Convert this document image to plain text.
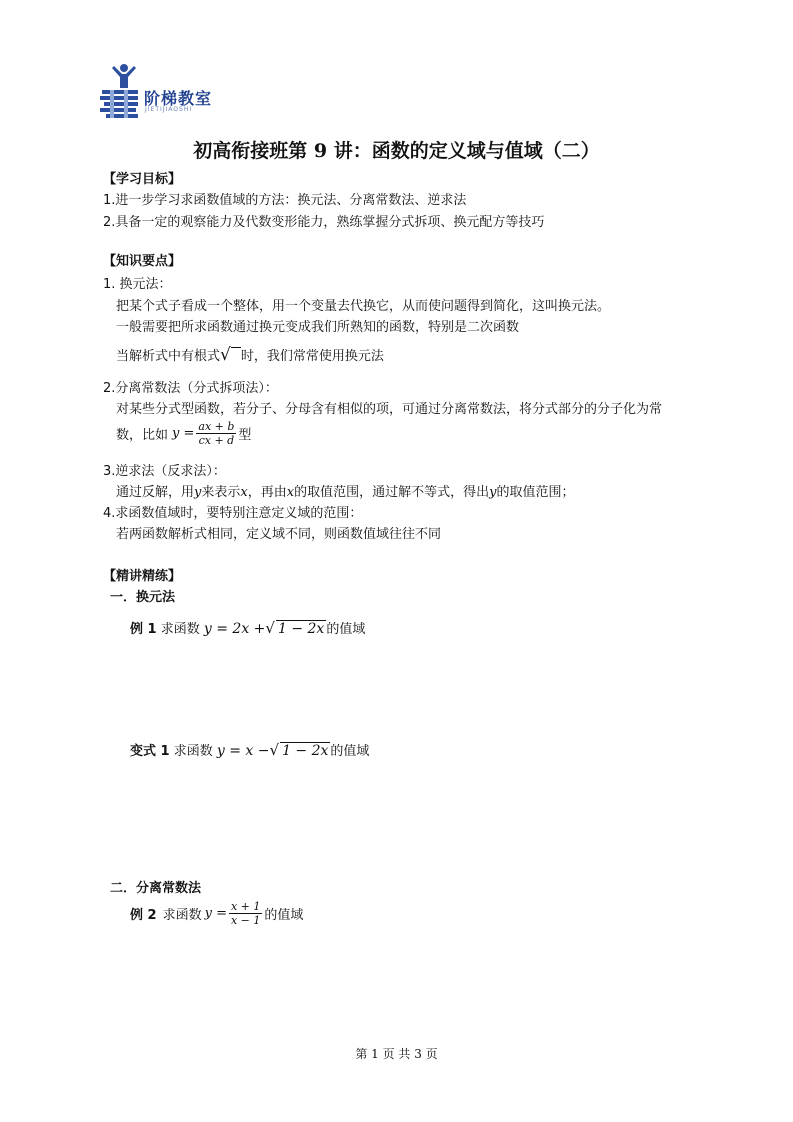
阶梯教室
JIETIJIAOSHI
初高衔接班第 9 讲：函数的定义域与值域（二）
【学习目标】
1.进一步学习求函数值域的方法：换元法、分离常数法、逆求法
2.具备一定的观察能力及代数变形能力，熟练掌握分式拆项、换元配方等技巧
【知识要点】
1. 换元法：
把某个式子看成一个整体，用一个变量去代换它，从而使问题得到简化，这叫换元法。
一般需要把所求函数通过换元变成我们所熟知的函数，特别是二次函数
当解析式中有根式√ 时，我们常常使用换元法
2.分离常数法（分式拆项法）：
对某些分式型函数，若分子、分母含有相似的项，可通过分离常数法，将分式部分的分子化为常
数，比如 $y = \frac{ax + b}{cx + d}$ 型
3.逆求法（反求法）：
通过反解，用y来表示x，再由x的取值范围，通过解不等式，得出y的取值范围；
4.求函数值域时，要特别注意定义域的范围：
若两函数解析式相同，定义域不同，则函数值域往往不同
【精讲精练】
一．换元法
例 1 求函数 y = 2x +√ 1 − 2x 的值域
变式 1 求函数 y = x −√ 1 − 2x 的值域
二．分离常数法
例 2 求函数 $y = \frac{x + 1}{x - 1}$ 的值域
第 1 页 共 3 页
